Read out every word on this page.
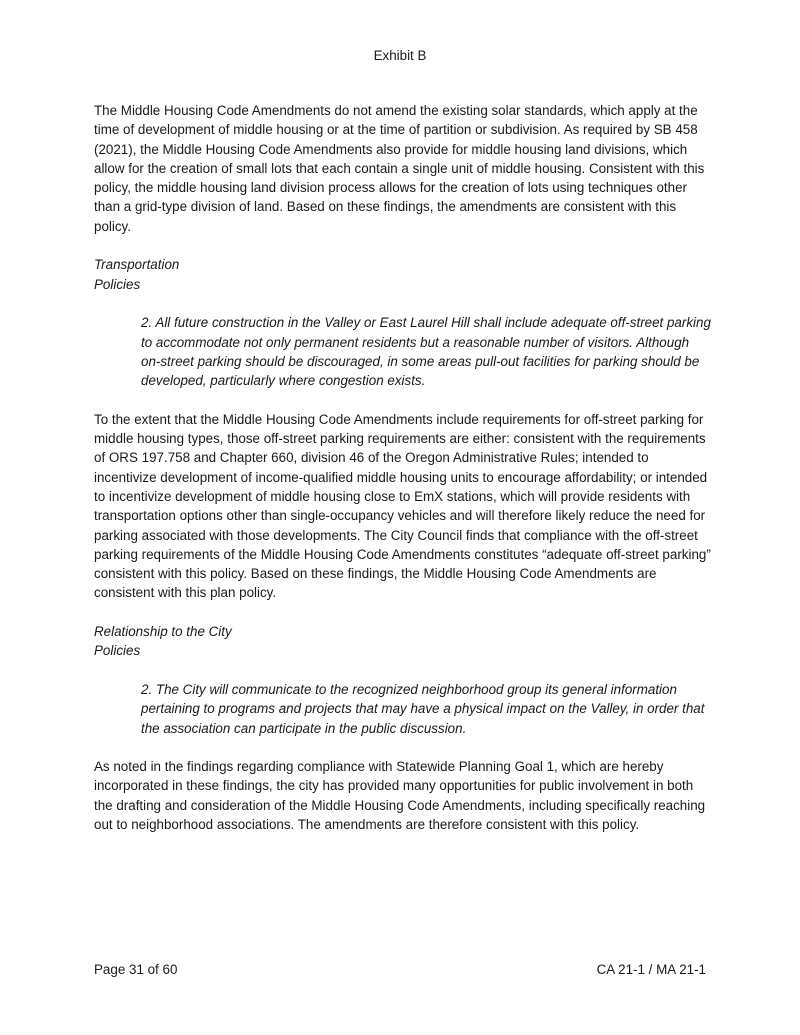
Exhibit B

The Middle Housing Code Amendments do not amend the existing solar standards, which apply at the time of development of middle housing or at the time of partition or subdivision. As required by SB 458 (2021), the Middle Housing Code Amendments also provide for middle housing land divisions, which allow for the creation of small lots that each contain a single unit of middle housing. Consistent with this policy, the middle housing land division process allows for the creation of lots using techniques other than a grid-type division of land. Based on these findings, the amendments are consistent with this policy.

Transportation
Policies

2. All future construction in the Valley or East Laurel Hill shall include adequate off-street parking to accommodate not only permanent residents but a reasonable number of visitors. Although on-street parking should be discouraged, in some areas pull-out facilities for parking should be developed, particularly where congestion exists.

To the extent that the Middle Housing Code Amendments include requirements for off-street parking for middle housing types, those off-street parking requirements are either: consistent with the requirements of ORS 197.758 and Chapter 660, division 46 of the Oregon Administrative Rules; intended to incentivize development of income-qualified middle housing units to encourage affordability; or intended to incentivize development of middle housing close to EmX stations, which will provide residents with transportation options other than single-occupancy vehicles and will therefore likely reduce the need for parking associated with those developments. The City Council finds that compliance with the off-street parking requirements of the Middle Housing Code Amendments constitutes “adequate off-street parking” consistent with this policy. Based on these findings, the Middle Housing Code Amendments are consistent with this plan policy.

Relationship to the City
Policies

2. The City will communicate to the recognized neighborhood group its general information pertaining to programs and projects that may have a physical impact on the Valley, in order that the association can participate in the public discussion.

As noted in the findings regarding compliance with Statewide Planning Goal 1, which are hereby incorporated in these findings, the city has provided many opportunities for public involvement in both the drafting and consideration of the Middle Housing Code Amendments, including specifically reaching out to neighborhood associations. The amendments are therefore consistent with this policy.

Page 31 of 60	CA 21-1 / MA 21-1
